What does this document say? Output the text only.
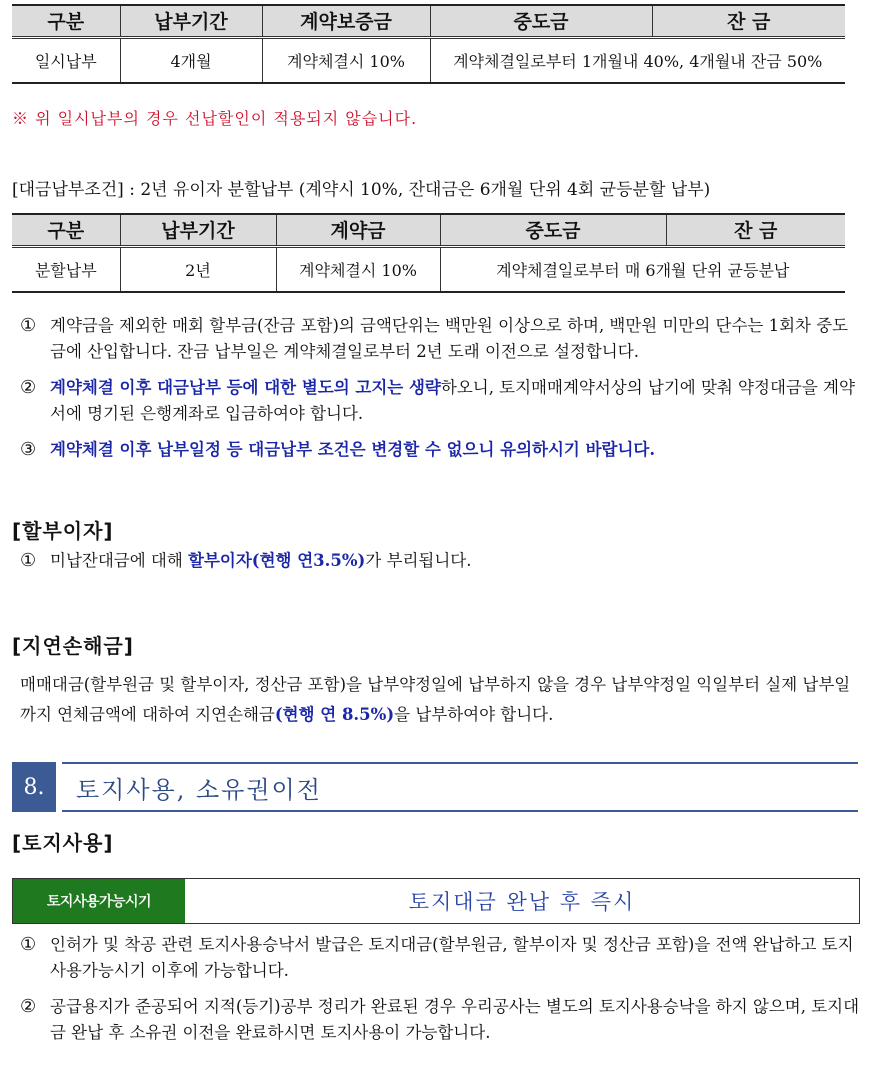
구분	납부기간	계약보증금	중도금	잔 금
일시납부	4개월	계약체결시 10%	계약체결일로부터 1개월내 40%, 4개월내 잔금 50%	
※ 위 일시납부의 경우 선납할인이 적용되지 않습니다.
[대금납부조건] : 2년 유이자 분할납부 (계약시 10%, 잔대금은 6개월 단위 4회 균등분할 납부)
구분	납부기간	계약금	중도금	잔 금
분할납부	2년	계약체결시 10%	계약체결일로부터 매 6개월 단위 균등분납	
① 계약금을 제외한 매회 할부금(잔금 포함)의 금액단위는 백만원 이상으로 하며, 백만원 미만의 단수는 1회차 중도금에 산입합니다. 잔금 납부일은 계약체결일로부터 2년 도래 이전으로 설정합니다.
② 계약체결 이후 대금납부 등에 대한 별도의 고지는 생략하오니, 토지매매계약서상의 납기에 맞춰 약정대금을 계약서에 명기된 은행계좌로 입금하여야 합니다.
③ 계약체결 이후 납부일정 등 대금납부 조건은 변경할 수 없으니 유의하시기 바랍니다.
[할부이자]
① 미납잔대금에 대해 할부이자(현행 연3.5%)가 부리됩니다.
[지연손해금]
매매대금(할부원금 및 할부이자, 정산금 포함)을 납부약정일에 납부하지 않을 경우 납부약정일 익일부터 실제 납부일까지 연체금액에 대하여 지연손해금(현행 연 8.5%)을 납부하여야 합니다.
8.	토지사용, 소유권이전
[토지사용]
토지사용가능시기	토지대금 완납 후 즉시
① 인허가 및 착공 관련 토지사용승낙서 발급은 토지대금(할부원금, 할부이자 및 정산금 포함)을 전액 완납하고 토지사용가능시기 이후에 가능합니다.
② 공급용지가 준공되어 지적(등기)공부 정리가 완료된 경우 우리공사는 별도의 토지사용승낙을 하지 않으며, 토지대금 완납 후 소유권 이전을 완료하시면 토지사용이 가능합니다.
